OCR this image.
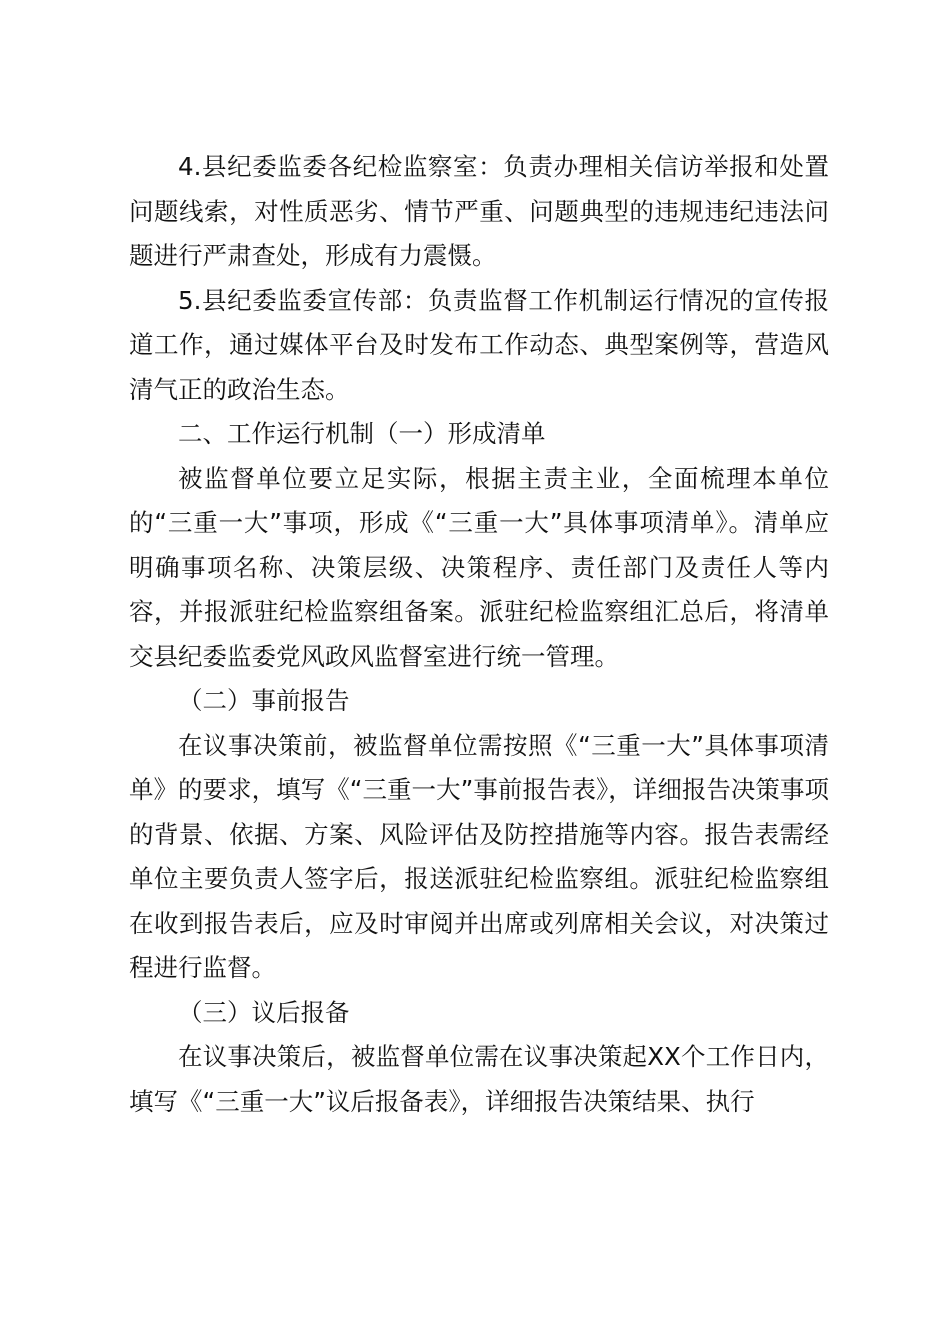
4.县纪委监委各纪检监察室：负责办理相关信访举报和处置问题线索，对性质恶劣、情节严重、问题典型的违规违纪违法问题进行严肃查处，形成有力震慑。

5.县纪委监委宣传部：负责监督工作机制运行情况的宣传报道工作，通过媒体平台及时发布工作动态、典型案例等，营造风清气正的政治生态。

二、工作运行机制（一）形成清单

被监督单位要立足实际，根据主责主业，全面梳理本单位的“三重一大”事项，形成《“三重一大”具体事项清单》。清单应明确事项名称、决策层级、决策程序、责任部门及责任人等内容，并报派驻纪检监察组备案。派驻纪检监察组汇总后，将清单交县纪委监委党风政风监督室进行统一管理。

（二）事前报告

在议事决策前，被监督单位需按照《“三重一大”具体事项清单》的要求，填写《“三重一大”事前报告表》，详细报告决策事项的背景、依据、方案、风险评估及防控措施等内容。报告表需经单位主要负责人签字后，报送派驻纪检监察组。派驻纪检监察组在收到报告表后，应及时审阅并出席或列席相关会议，对决策过程进行监督。

（三）议后报备

在议事决策后，被监督单位需在议事决策起XX个工作日内，填写《“三重一大”议后报备表》，详细报告决策结果、执行
